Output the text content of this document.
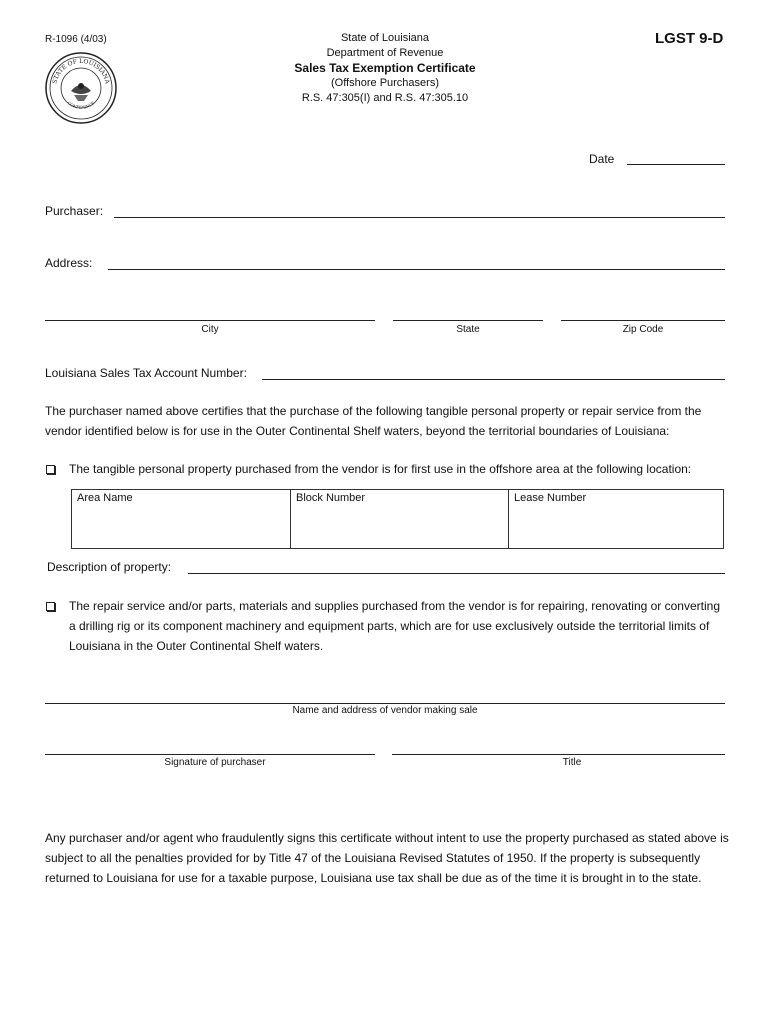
R-1096 (4/03)	LGST 9-D
State of Louisiana
Department of Revenue
Sales Tax Exemption Certificate
(Offshore Purchasers)
R.S. 47:305(I) and R.S. 47:305.10
STATE OF LOUISIANA
CONFIDENCE
Date
Purchaser:
Address:
City	State	Zip Code
Louisiana Sales Tax Account Number:
The purchaser named above certifies that the purchase of the following tangible personal property or repair service from the vendor identified below is for use in the Outer Continental Shelf waters, beyond the territorial boundaries of Louisiana:
The tangible personal property purchased from the vendor is for first use in the offshore area at the following location:
Area Name	Block Number	Lease Number
Description of property:
The repair service and/or parts, materials and supplies purchased from the vendor is for repairing, renovating or converting a drilling rig or its component machinery and equipment parts, which are for use exclusively outside the territorial limits of Louisiana in the Outer Continental Shelf waters.
Name and address of vendor making sale
Signature of purchaser	Title
Any purchaser and/or agent who fraudulently signs this certificate without intent to use the property purchased as stated above is subject to all the penalties provided for by Title 47 of the Louisiana Revised Statutes of 1950. If the property is subsequently returned to Louisiana for use for a taxable purpose, Louisiana use tax shall be due as of the time it is brought in to the state.
